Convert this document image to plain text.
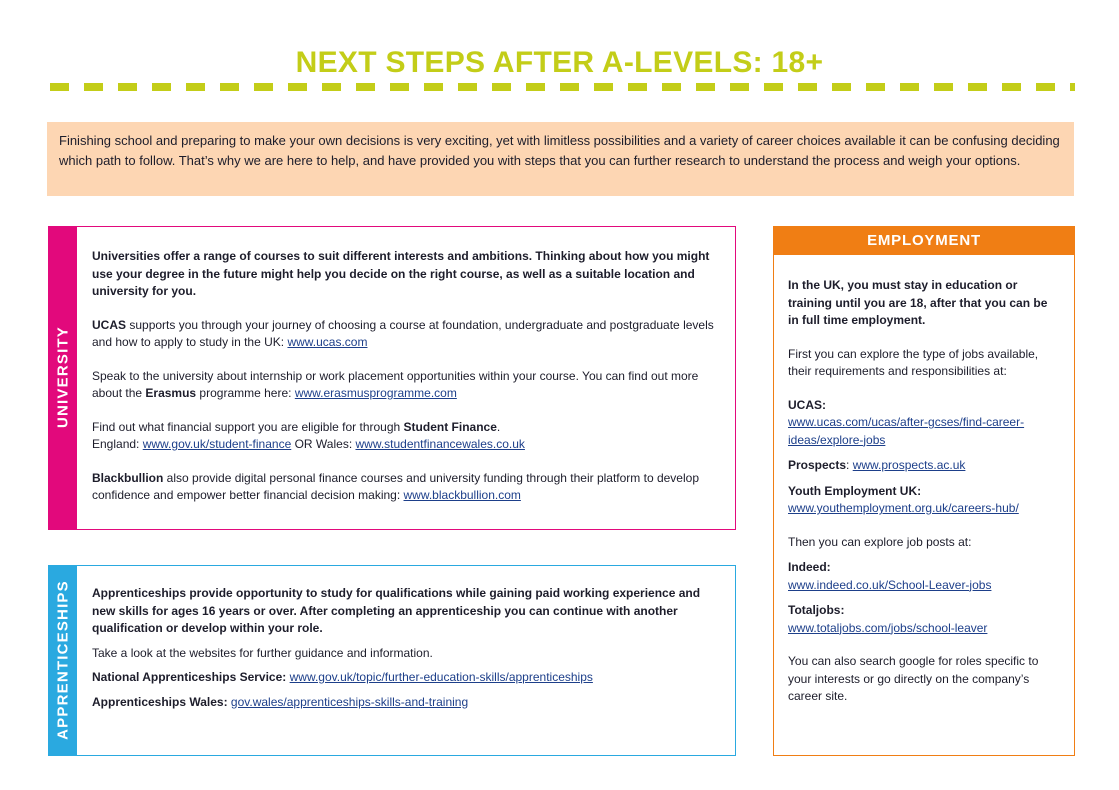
NEXT STEPS AFTER A-LEVELS: 18+
Finishing school and preparing to make your own decisions is very exciting, yet with limitless possibilities and a variety of career choices available it can be confusing deciding which path to follow. That’s why we are here to help, and have provided you with steps that you can further research to understand the process and weigh your options.
UNIVERSITY

Universities offer a range of courses to suit different interests and ambitions. Thinking about how you might use your degree in the future might help you decide on the right course, as well as a suitable location and university for you.

UCAS supports you through your journey of choosing a course at foundation, undergraduate and postgraduate levels and how to apply to study in the UK: www.ucas.com

Speak to the university about internship or work placement opportunities within your course. You can find out more about the Erasmus programme here: www.erasmusprogramme.com

Find out what financial support you are eligible for through Student Finance.
England: www.gov.uk/student-finance OR Wales: www.studentfinancewales.co.uk

Blackbullion also provide digital personal finance courses and university funding through their platform to develop confidence and empower better financial decision making: www.blackbullion.com

APPRENTICESHIPS Apprenticeships provide opportunity to study for qualifications while gaining paid working experience and new skills for ages 16 years or over. After completing an apprenticeship you can continue with another qualification or develop within your role.

Take a look at the websites for further guidance and information.

National Apprenticeships Service: www.gov.uk/topic/further-education-skills/apprenticeships

Apprenticeships Wales: gov.wales/apprenticeships-skills-and-training

EMPLOYMENT

In the UK, you must stay in education or training until you are 18, after that you can be in full time employment.

First you can explore the type of jobs available, their requirements and responsibilities at:

UCAS:
www.ucas.com/ucas/after-gcses/find-career-ideas/explore-jobs

Prospects: www.prospects.ac.uk

Youth Employment UK:
www.youthemployment.org.uk/careers-hub/

Then you can explore job posts at:

Indeed:
www.indeed.co.uk/School-Leaver-jobs

Totaljobs:
www.totaljobs.com/jobs/school-leaver

You can also search google for roles specific to your interests or go directly on the company’s career site.
